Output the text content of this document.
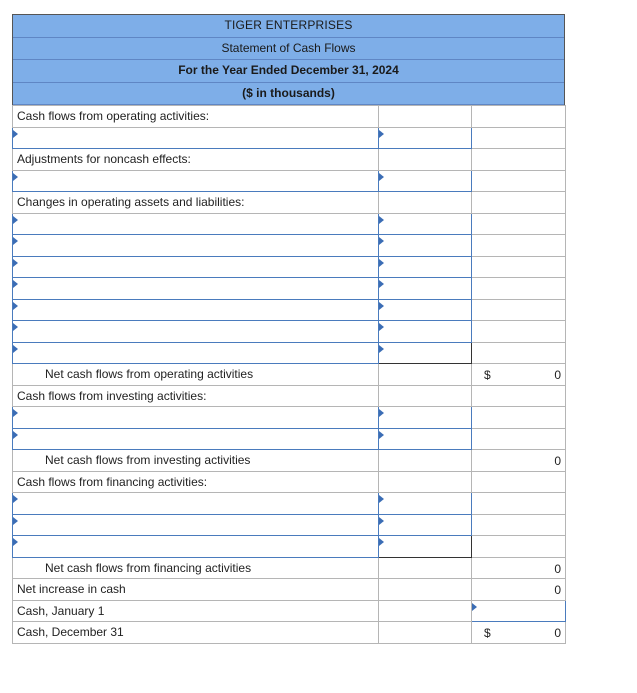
TIGER ENTERPRISES
Statement of Cash Flows
For the Year Ended December 31, 2024
($ in thousands)
Cash flows from operating activities:		

Adjustments for noncash effects:		

Changes in operating assets and liabilities:		

Net cash flows from operating activities		$ 0

Cash flows from investing activities:		

Net cash flows from investing activities		0

Cash flows from financing activities:		

Net cash flows from financing activities		0

Net increase in cash		0

Cash, January 1		
Cash, December 31		$ 0
